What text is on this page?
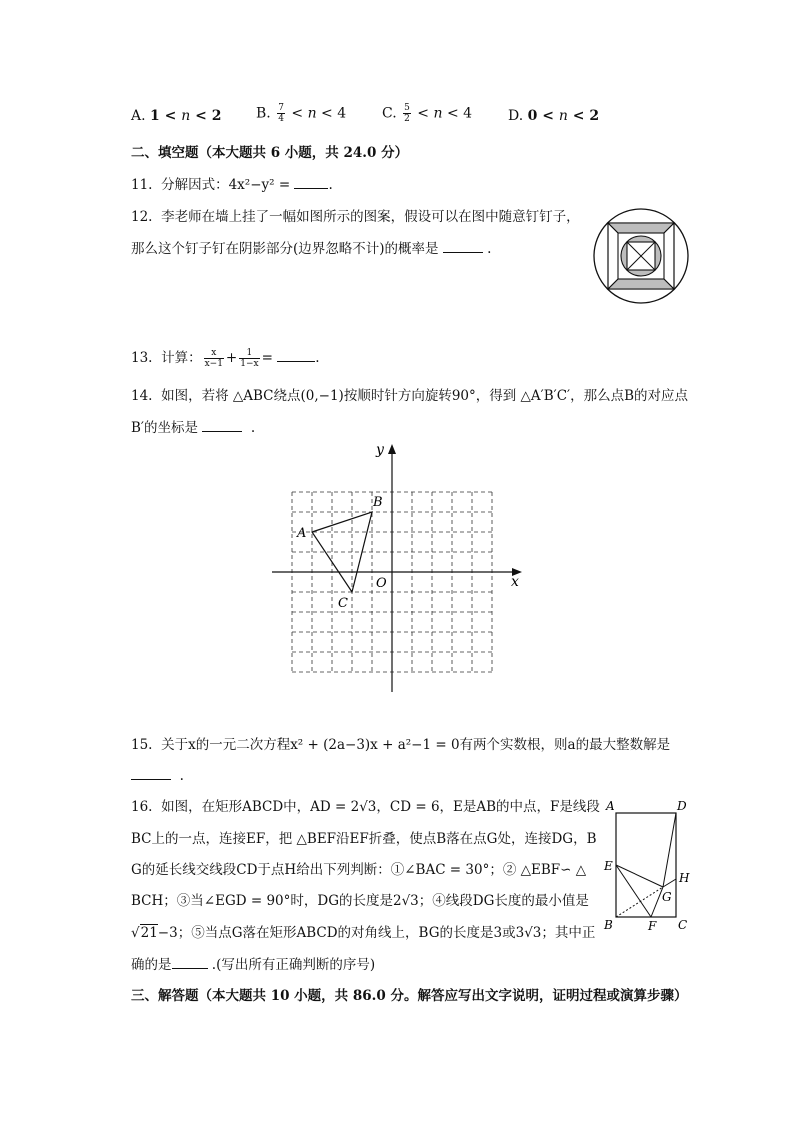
A. 1 < n < 2 B. $\frac{7}{4} < n < 4$	C. $\frac{5}{2} < n < 4$	D. 0 < n < 2
二、填空题（本大题共 6 小题，共 24.0 分）
11. 分解因式：4x²−y² =	.
12. 李老师在墙上挂了一幅如图所示的图案，假设可以在图中随意钉钉子，
那么这个钉子钉在阴影部分(边界忽略不计)的概率是	.
13. 计算： $\frac{x}{x-1} + \frac{1}{1-x}$ =	.
14. 如图，若将 △ABC绕点(0,−1)按顺时针方向旋转90°，得到 △A′B′C′，那么点B的对应点
B′的坐标是	.
x
y
O
A
B
C
15. 关于x的一元二次方程x² + (2a−3)x + a²−1 = 0有两个实数根，则a的最大整数解是
.
16. 如图，在矩形ABCD中，AD = 2√3，CD = 6，E是AB的中点，F是线段
BC上的一点，连接EF，把 △BEF沿EF折叠，使点B落在点G处，连接DG，B
G的延长线交线段CD于点H给出下列判断：①∠BAC = 30°；② △EBF∽ △
BCH；③当∠EGD = 90°时，DG的长度是2√3；④线段DG长度的最小值是
√21−3；⑤当点G落在矩形ABCD的对角线上，BG的长度是3或3√3；其中正
确的是	.(写出所有正确判断的序号)
A	D
E
H
G
B	F C
三、解答题（本大题共 10 小题，共 86.0 分。解答应写出文字说明，证明过程或演算步骤）
